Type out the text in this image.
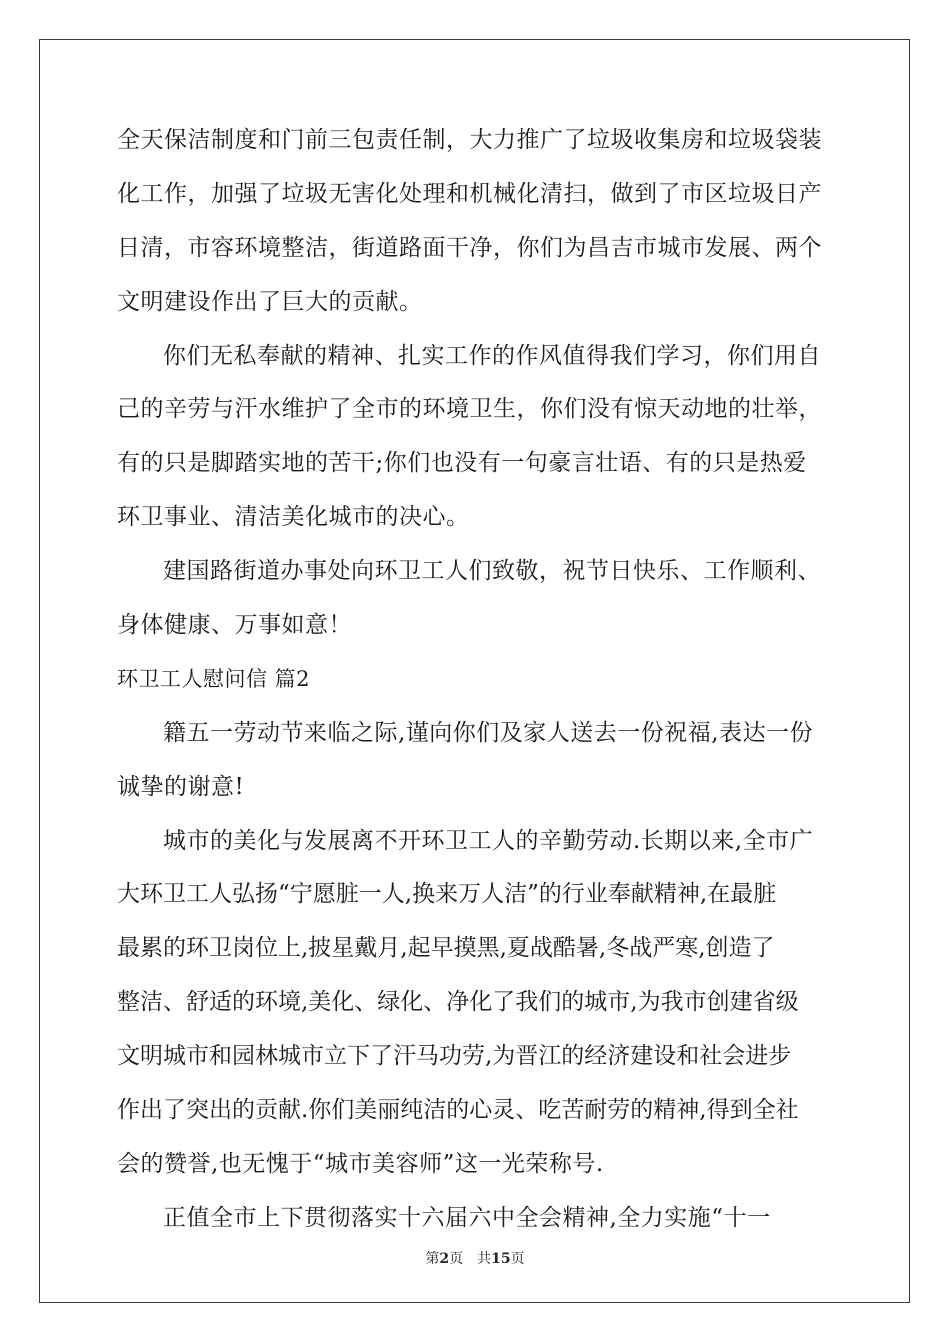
全天保洁制度和门前三包责任制，大力推广了垃圾收集房和垃圾袋装
化工作，加强了垃圾无害化处理和机械化清扫，做到了市区垃圾日产
日清，市容环境整洁，街道路面干净，你们为昌吉市城市发展、两个
文明建设作出了巨大的贡献。
你们无私奉献的精神、扎实工作的作风值得我们学习，你们用自
己的辛劳与汗水维护了全市的环境卫生，你们没有惊天动地的壮举，
有的只是脚踏实地的苦干;你们也没有一句豪言壮语、有的只是热爱
环卫事业、清洁美化城市的决心。
建国路街道办事处向环卫工人们致敬，祝节日快乐、工作顺利、
身体健康、万事如意！
环卫工人慰问信 篇2
籍五一劳动节来临之际,谨向你们及家人送去一份祝福,表达一份
诚挚的谢意!
城市的美化与发展离不开环卫工人的辛勤劳动.长期以来,全市广
大环卫工人弘扬“宁愿脏一人,换来万人洁”的行业奉献精神,在最脏
最累的环卫岗位上,披星戴月,起早摸黑,夏战酷暑,冬战严寒,创造了
整洁、舒适的环境,美化、绿化、净化了我们的城市,为我市创建省级
文明城市和园林城市立下了汗马功劳,为晋江的经济建设和社会进步
作出了突出的贡献.你们美丽纯洁的心灵、吃苦耐劳的精神,得到全社
会的赞誉,也无愧于“城市美容师”这一光荣称号.
正值全市上下贯彻落实十六届六中全会精神,全力实施“十一
第2页 共15页
